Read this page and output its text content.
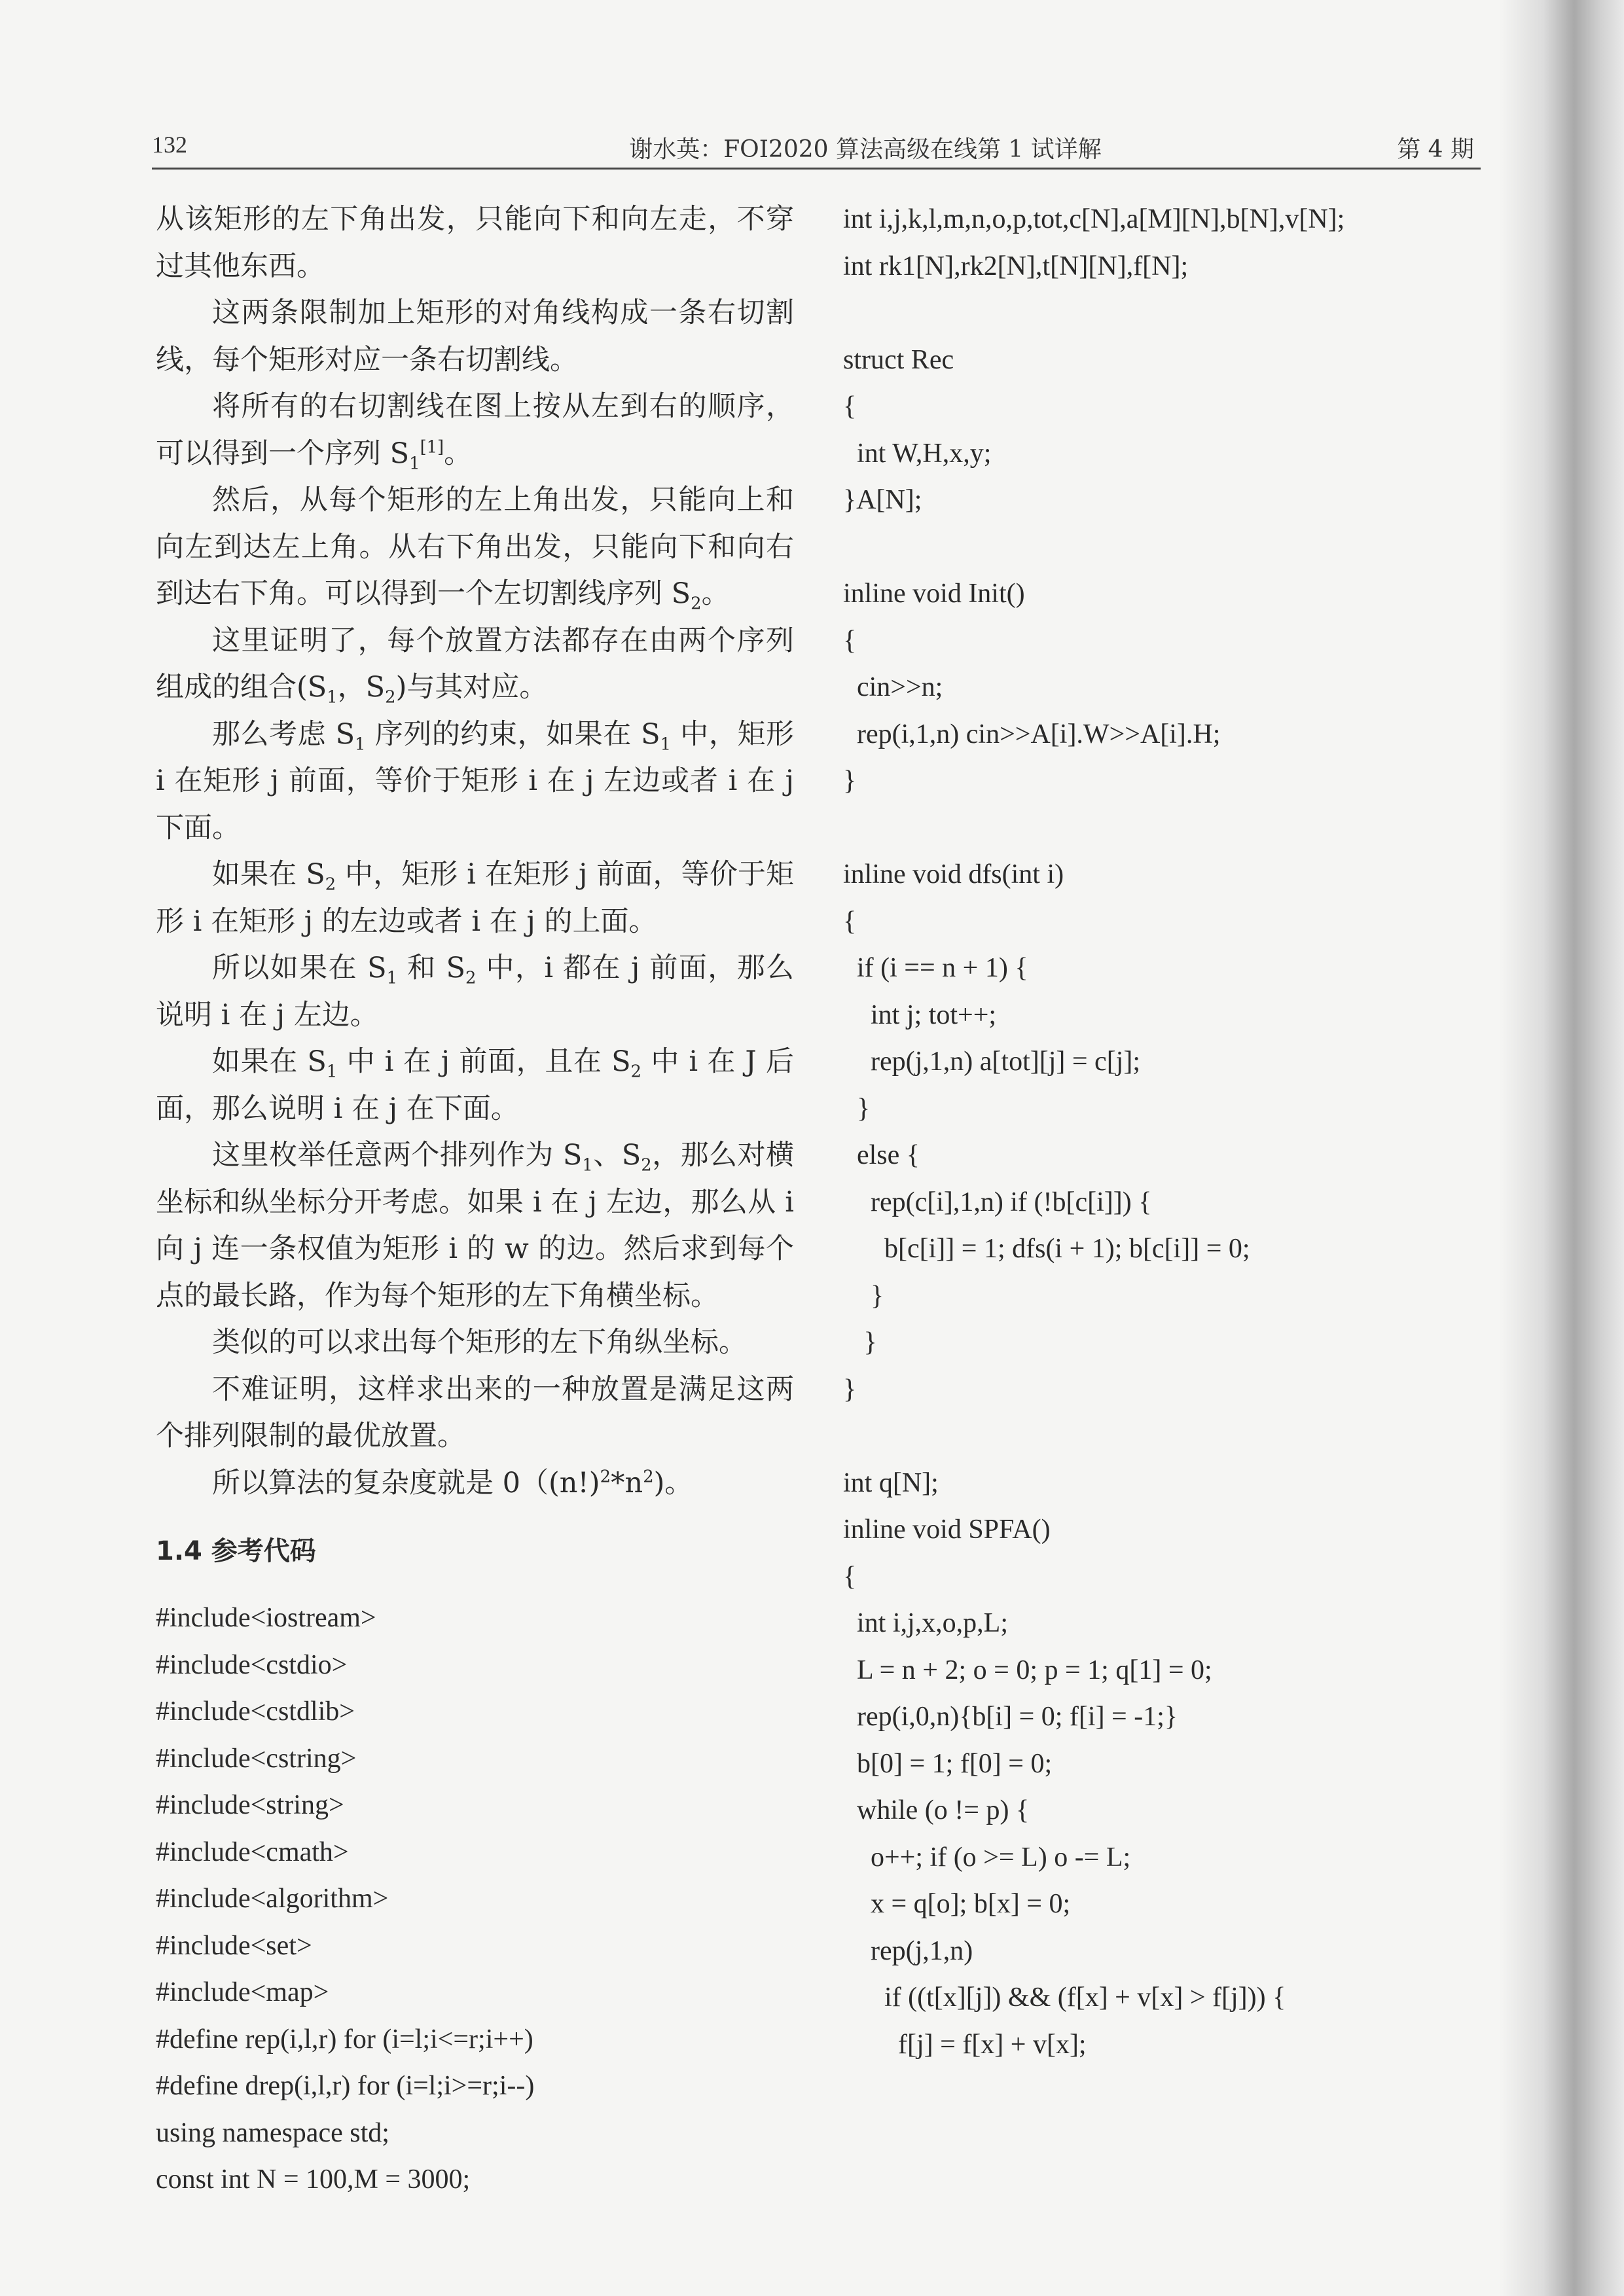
132	谢水英：FOI2020 算法高级在线第 1 试详解	第 4 期

从该矩形的左下角出发，只能向下和向左走，不穿过其他东西。

这两条限制加上矩形的对角线构成一条右切割线，每个矩形对应一条右切割线。

将所有的右切割线在图上按从左到右的顺序，可以得到一个序列 $S_1[1]$。

然后，从每个矩形的左上角出发，只能向上和向左到达左上角。从右下角出发，只能向下和向右到达右下角。可以得到一个左切割线序列 $S_2$。

这里证明了，每个放置方法都存在由两个序列组成的组合($S_1$，$S_2$)与其对应。

那么考虑 $S_1$ 序列的约束，如果在 $S_1$ 中，矩形 i 在矩形 j 前面，等价于矩形 i 在 j 左边或者 i 在 j 下面。

如果在 $S_2$ 中，矩形 i 在矩形 j 前面，等价于矩形 i 在矩形 j 的左边或者 i 在 j 的上面。

所以如果在 $S_1$ 和 $S_2$ 中，i 都在 j 前面，那么说明 i 在 j 左边。

如果在 $S_1$ 中 i 在 j 前面，且在 $S_2$ 中 i 在 J 后面，那么说明 i 在 j 在下面。

这里枚举任意两个排列作为 $S_1$、$S_2$，那么对横坐标和纵坐标分开考虑。如果 i 在 j 左边，那么从 i 向 j 连一条权值为矩形 i 的 w 的边。然后求到每个点的最长路，作为每个矩形的左下角横坐标。

类似的可以求出每个矩形的左下角纵坐标。

不难证明，这样求出来的一种放置是满足这两个排列限制的最优放置。

所以算法的复杂度就是 $0((n!)^2*n^2)$。

1.4 参考代码
#include<iostream>
#include<cstdio>
#include<cstdlib>
#include<cstring>
#include<string>
#include<cmath>
#include<algorithm>
#include<set>
#include<map>
#define rep(i,l,r) for (i=l;i<=r;i++)
#define drep(i,l,r) for (i=l;i>=r;i--)
using namespace std;
const int N = 100,M = 3000;
int i,j,k,l,m,n,o,p,tot,c[N],a[M][N],b[N],v[N];
int rk1[N],rk2[N],t[N][N],f[N];
struct Rec
{
int W,H,x,y;
}A[N];
inline void Init()
{
cin>>n;
rep(i,1,n) cin>>A[i].W>>A[i].H;
}
inline void dfs(int i)
{
if (i == n + 1) {
int j; tot++;
rep(j,1,n) a[tot][j] = c[j];
}
else {
rep(c[i],1,n) if (!b[c[i]]) {
b[c[i]] = 1; dfs(i + 1); b[c[i]] = 0;
}
}
}
int q[N];
inline void SPFA()
{
int i,j,x,o,p,L;
L = n + 2; o = 0; p = 1; q[1] = 0;
rep(i,0,n){b[i] = 0; f[i] = -1;}
b[0] = 1; f[0] = 0;
while (o != p) {
o++; if (o >= L) o -= L;
x = q[o]; b[x] = 0;
rep(j,1,n)
if ((t[x][j]) && (f[x] + v[x] > f[j])) {
f[j] = f[x] + v[x];
